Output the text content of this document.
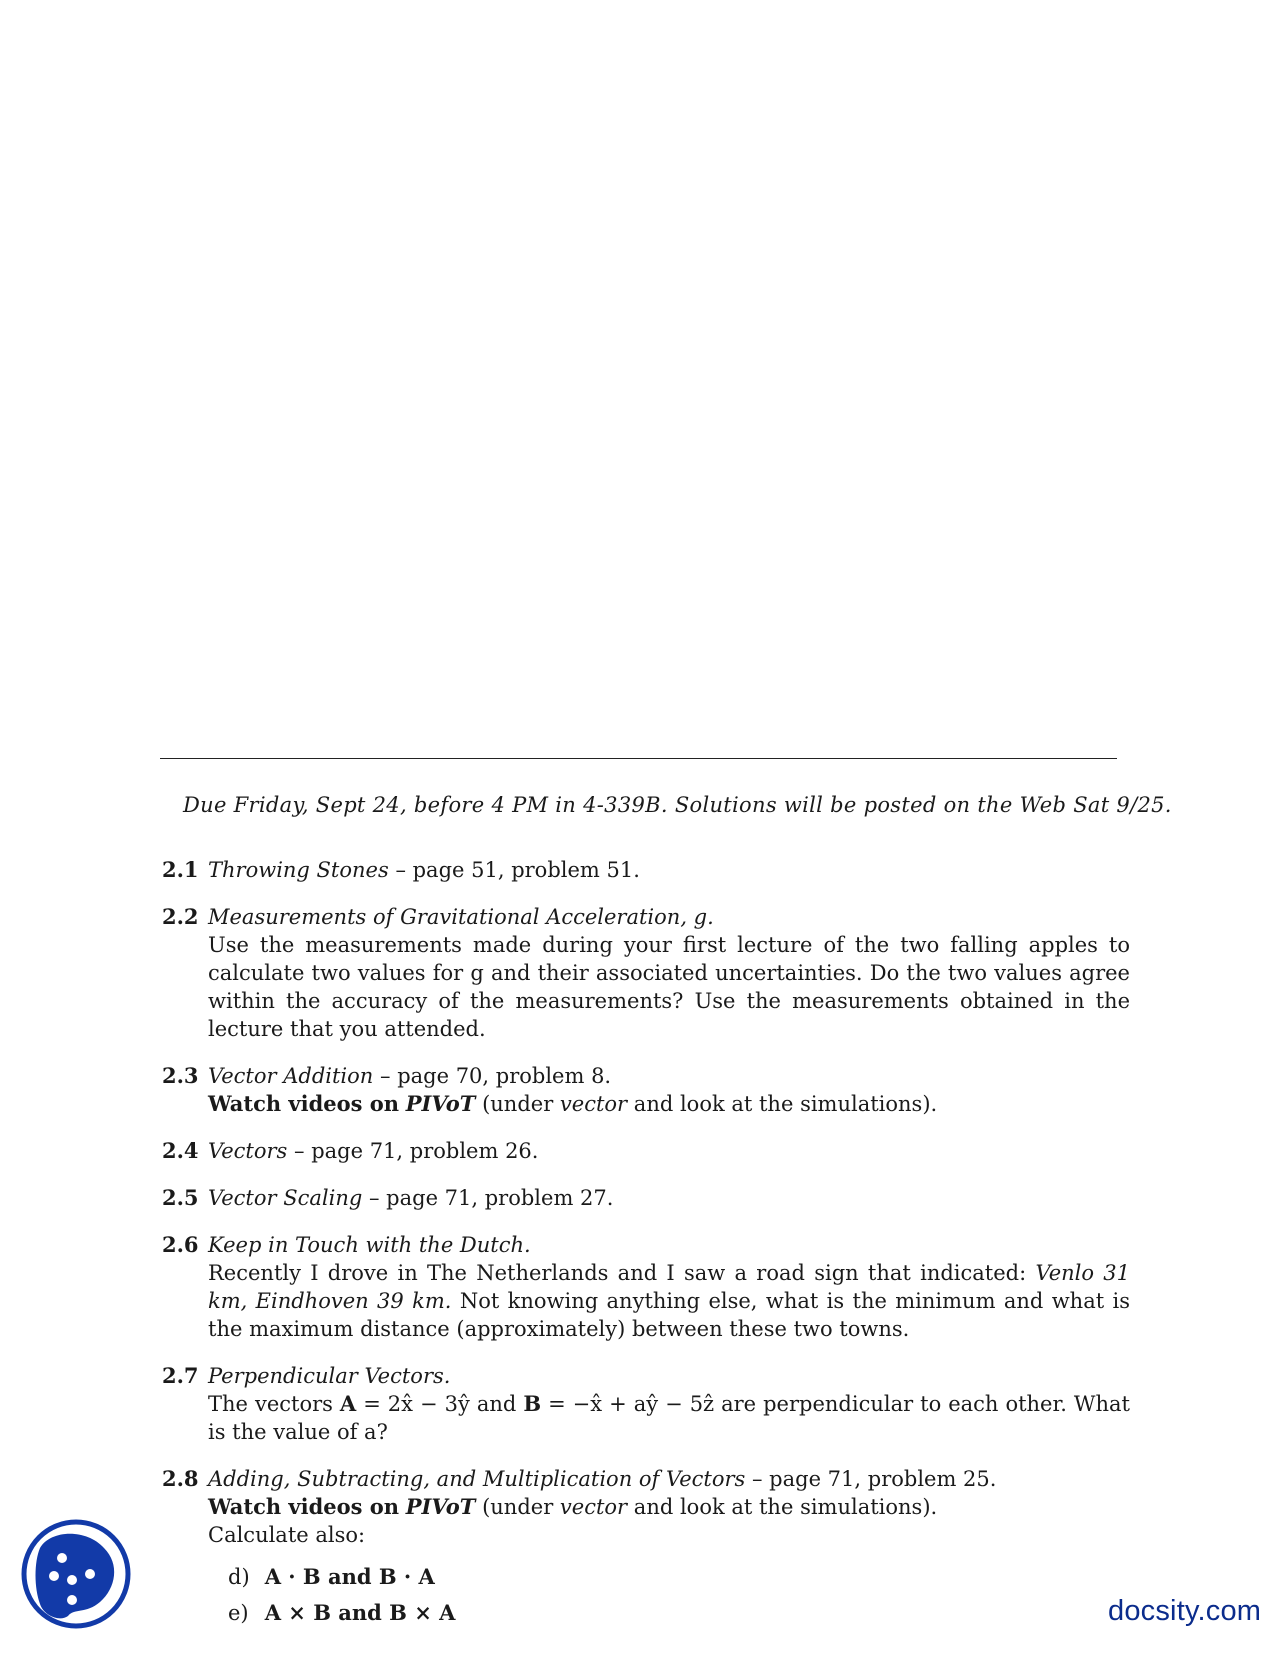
Due Friday, Sept 24, before 4 PM in 4-339B. Solutions will be posted on the Web Sat 9/25.
2.1 Throwing Stones – page 51, problem 51.
2.2 Measurements of Gravitational Acceleration, g.
Use the measurements made during your first lecture of the two falling apples to calculate two values for g and their associated uncertainties. Do the two values agree within the accuracy of the measurements? Use the measurements obtained in the lecture that you attended.
2.3 Vector Addition – page 70, problem 8.
Watch videos on PIVoT (under vector and look at the simulations).
2.4 Vectors – page 71, problem 26.
2.5 Vector Scaling – page 71, problem 27.
2.6 Keep in Touch with the Dutch.
Recently I drove in The Netherlands and I saw a road sign that indicated: Venlo 31 km, Eindhoven 39 km. Not knowing anything else, what is the minimum and what is the maximum distance (approximately) between these two towns.
2.7 Perpendicular Vectors.
The vectors A = 2x̂ − 3ŷ and B = −x̂ + aŷ − 5ẑ are perpendicular to each other. What is the value of a?
2.8 Adding, Subtracting, and Multiplication of Vectors – page 71, problem 25.
Watch videos on PIVoT (under vector and look at the simulations).
Calculate also:
d) A · B and B · A
e) A × B and B × A	docsity.com
